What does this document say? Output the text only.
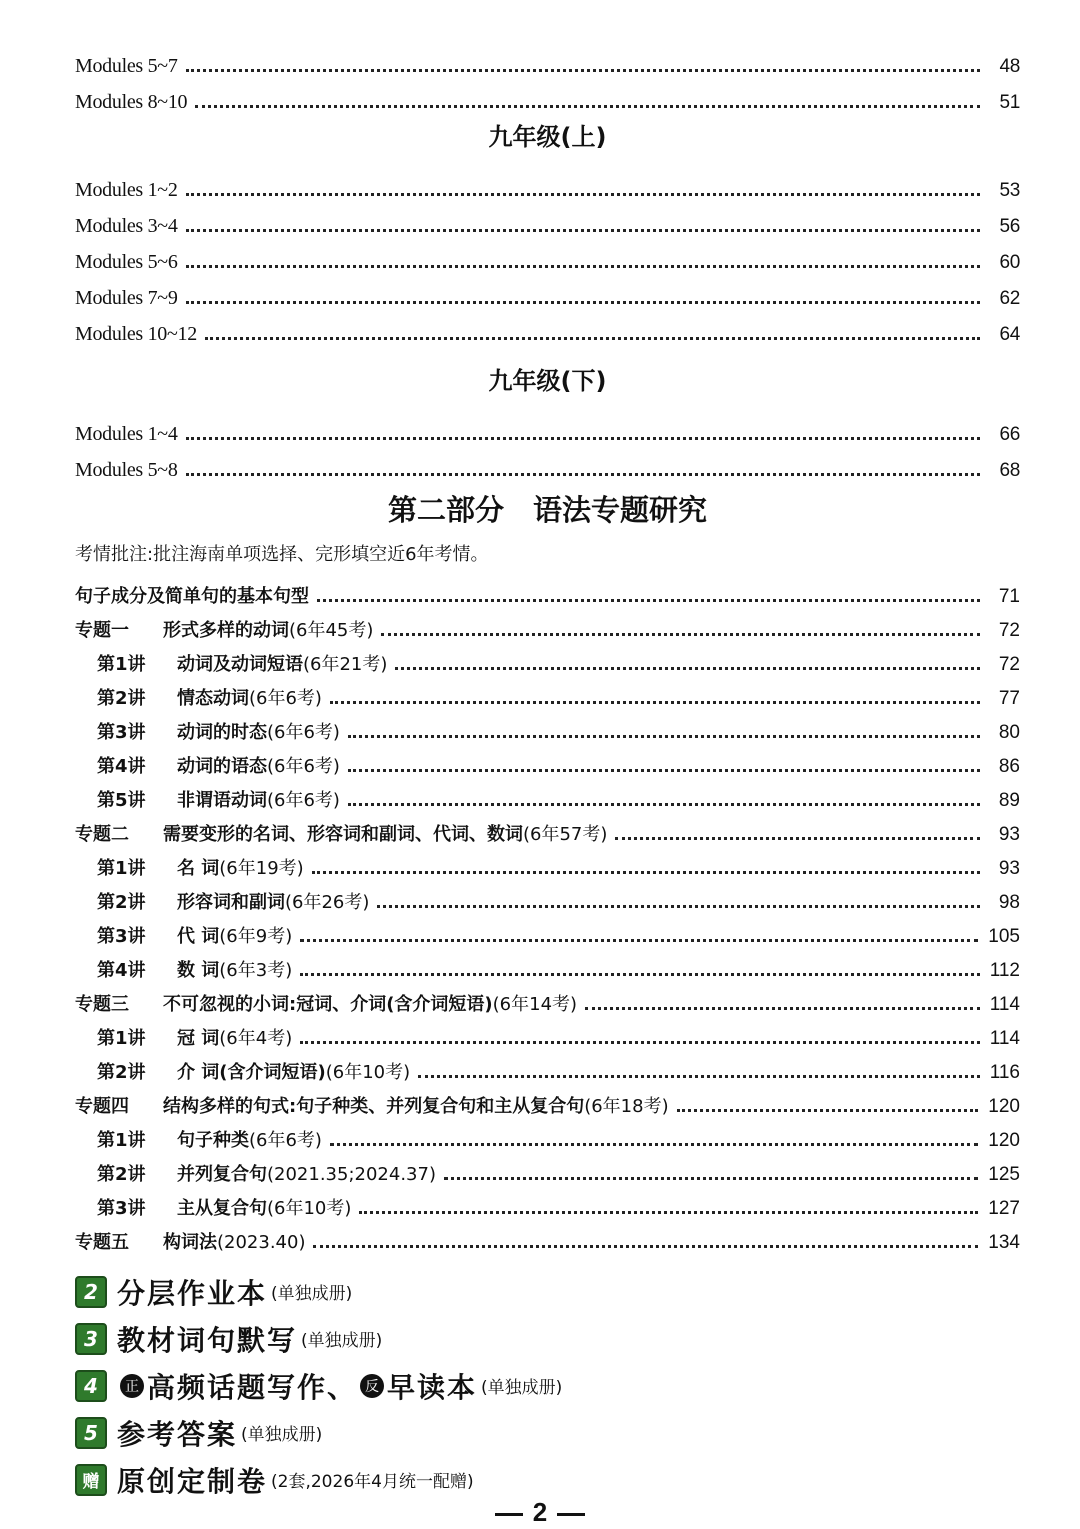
Modules 5~7	48
Modules 8~10	51
九年级(上)
Modules 1~2	53
Modules 3~4	56
Modules 5~6	60
Modules 7~9	62
Modules 10~12	64
九年级(下)
Modules 1~4	66
Modules 5~8	68
第二部分　语法专题研究
考情批注:批注海南单项选择、完形填空近6年考情。
句子成分及简单句的基本句型	71
专题一 形式多样的动词(6年45考)	72
第1讲 动词及动词短语(6年21考)	72
第2讲 情态动词(6年6考)	77
第3讲 动词的时态(6年6考)	80
第4讲 动词的语态(6年6考)	86
第5讲 非谓语动词(6年6考)	89
专题二 需要变形的名词、形容词和副词、代词、数词(6年57考)	93
第1讲 名 词(6年19考)	93
第2讲 形容词和副词(6年26考)	98
第3讲 代 词(6年9考)	105
第4讲 数 词(6年3考)	112
专题三 不可忽视的小词:冠词、介词(含介词短语)(6年14考)	114
第1讲 冠 词(6年4考)	114
第2讲 介 词(含介词短语)(6年10考)	116
专题四 结构多样的句式:句子种类、并列复合句和主从复合句(6年18考)	120
第1讲 句子种类(6年6考)	120
第2讲 并列复合句(2021.35;2024.37)	125
第3讲 主从复合句(6年10考)	127
专题五 构词法(2023.40)	134
2 分层作业本 (单独成册)
3 教材词句默写 (单独成册)
4	正 高频话题写作、 反 早读本 (单独成册)
5 参考答案 (单独成册)
赠 原创定制卷 (2套,2026年4月统一配赠)
2
